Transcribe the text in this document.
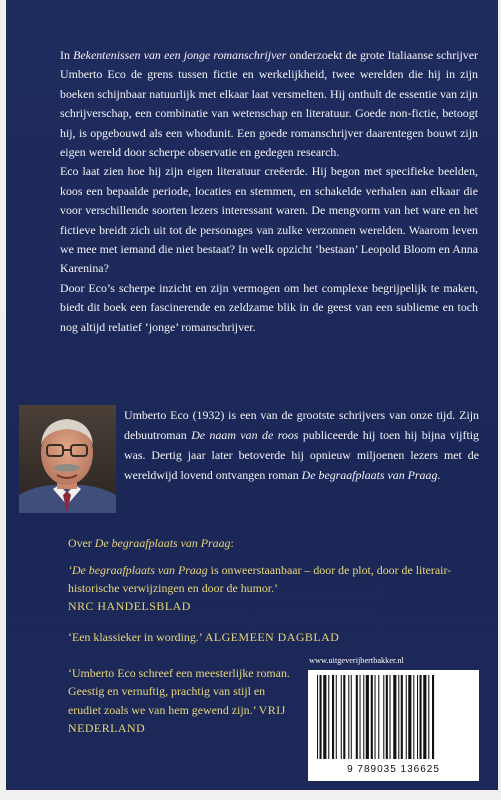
In Bekentenissen van een jonge romanschrijver onderzoekt de grote Italiaanse schrijver Umberto Eco de grens tussen fictie en werkelijkheid, twee werelden die hij in zijn boeken schijnbaar natuurlijk met elkaar laat versmelten. Hij onthult de essentie van zijn schrijverschap, een combinatie van wetenschap en literatuur. Goede non-fictie, betoogt hij, is opgebouwd als een whodunit. Een goede romanschrijver daarentegen bouwt zijn eigen wereld door scherpe observatie en gedegen research.

Eco laat zien hoe hij zijn eigen literatuur creëerde. Hij begon met specifieke beelden, koos een bepaalde periode, locaties en stemmen, en schakelde verhalen aan elkaar die voor verschillende soorten lezers interessant waren. De mengvorm van het ware en het fictieve breidt zich uit tot de personages van zulke verzonnen werelden. Waarom leven we mee met iemand die niet bestaat? In welk opzicht ‘bestaan’ Leopold Bloom en Anna Karenina?

Door Eco’s scherpe inzicht en zijn vermogen om het complexe begrijpelijk te maken, biedt dit boek een fascinerende en zeldzame blik in de geest van een sublieme en toch nog altijd relatief ‘jonge’ romanschrijver.

Umberto Eco (1932) is een van de grootste schrijvers van onze tijd. Zijn debuutroman De naam van de roos publiceerde hij toen hij bijna vijftig was. Dertig jaar later betoverde hij opnieuw miljoenen lezers met de wereldwijd lovend ontvangen roman De begraafplaats van Praag.

Over De begraafplaats van Praag:

‘De begraafplaats van Praag is onweerstaanbaar – door de plot, door de literair-historische verwijzingen en door de humor.’

NRC HANDELSBLAD

‘Een klassieker in wording.’ ALGEMEEN DAGBLAD

‘Umberto Eco schreef een meesterlijke roman. Geestig en vernuftig, prachtig van stijl en erudiet zoals we van hem gewend zijn.’ VRIJ NEDERLAND

www.uitgeverijbertbakker.nl
9 789035 136625
